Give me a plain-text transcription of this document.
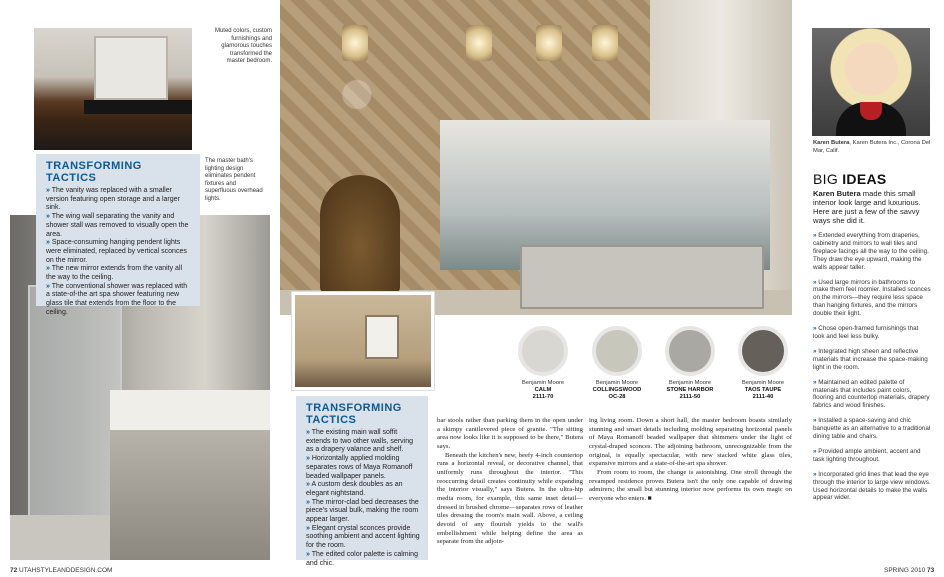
Muted colors, custom furnishings and glamorous touches transformed the master bedroom.
The master bath's lighting design eliminates pendent fixtures and superfluous overhead lights.
TRANSFORMING TACTICS
» The vanity was replaced with a smaller version featuring open storage and a larger sink.
» The wing wall separating the vanity and shower stall was removed to visually open the area.
» Space-consuming hanging pendent lights were eliminated, replaced by vertical sconces on the mirror.
» The new mirror extends from the vanity all the way to the ceiling.
» The conventional shower was replaced with a state-of-the art spa shower featuring new glass tile that extends from the floor to the ceiling.
TRANSFORMING TACTICS
» The existing main wall soffit extends to two other walls, serving as a drapery valance and shelf.
» Horizontally applied molding separates rows of Maya Romanoff beaded wallpaper panels.
» A custom desk doubles as an elegant nightstand.
» The mirror-clad bed decreases the piece's visual bulk, making the room appear larger.
» Elegant crystal sconces provide soothing ambient and accent lighting for the room.
» The edited color palette is calming and chic.
Benjamin Moore
CALM
2111-70
Benjamin Moore
COLLINGSWOOD
OC-28
Benjamin Moore
STONE HARBOR
2111-50
Benjamin Moore
TAOS TAUPE
2111-40

bar stools rather than parking them in the open under a skimpy cantilevered piece of granite. "The sitting area now looks like it is supposed to be there," Butera says.

Beneath the kitchen's new, beefy 4-inch countertop runs a horizontal reveal, or decorative channel, that uniformly runs throughout the interior. "This reoccurring detail creates continuity while expanding the interior visually," says Butera. In the ultra-hip media room, for example, this same inset detail—dressed in brushed chrome—separates rows of leather tiles dressing the room's main wall. Above, a ceiling devoid of any flourish yields to the wall's embellishment while helping define the area as separate from the adjoin-

ing living room. Down a short hall, the master bedroom boasts similarly stunning and smart details including molding separating horizontal panels of Maya Romanoff beaded wallpaper that shimmers under the light of crystal-draped sconces. The adjoining bathroom, unrecognizable from the original, is equally spectacular, with new stacked white glass tiles, expansive mirrors and a state-of-the-art spa shower.

From room to room, the change is astonishing. One stroll through the revamped residence proves Butera isn't the only one capable of drawing admirers; the small but stunning interior now performs its own magic on everyone who enters. ■

Karen Butera, Karen Butera Inc., Corona Del Mar, Calif.
BIG IDEAS
Karen Butera made this small interior look large and luxurious. Here are just a few of the savvy ways she did it.
» Extended everything from draperies, cabinetry and mirrors to wall tiles and fireplace facings all the way to the ceiling. They draw the eye upward, making the walls appear taller.
» Used large mirrors in bathrooms to make them feel roomier. Installed sconces on the mirrors—they require less space than hanging fixtures, and the mirrors double their light.
» Chose open-framed furnishings that look and feel less bulky.
» Integrated high sheen and reflective materials that increase the space-making light in the room.
» Maintained an edited palette of materials that includes paint colors, flooring and countertop materials, drapery fabrics and wood finishes.
» Installed a space-saving and chic banquette as an alternative to a traditional dining table and chairs.
» Provided ample ambient, accent and task lighting throughout.
» Incorporated grid lines that lead the eye through the interior to large view windows. Used horizontal details to make the walls appear wider.
72 UTAHSTYLEANDDESIGN.COM	SPRING 2010 73
